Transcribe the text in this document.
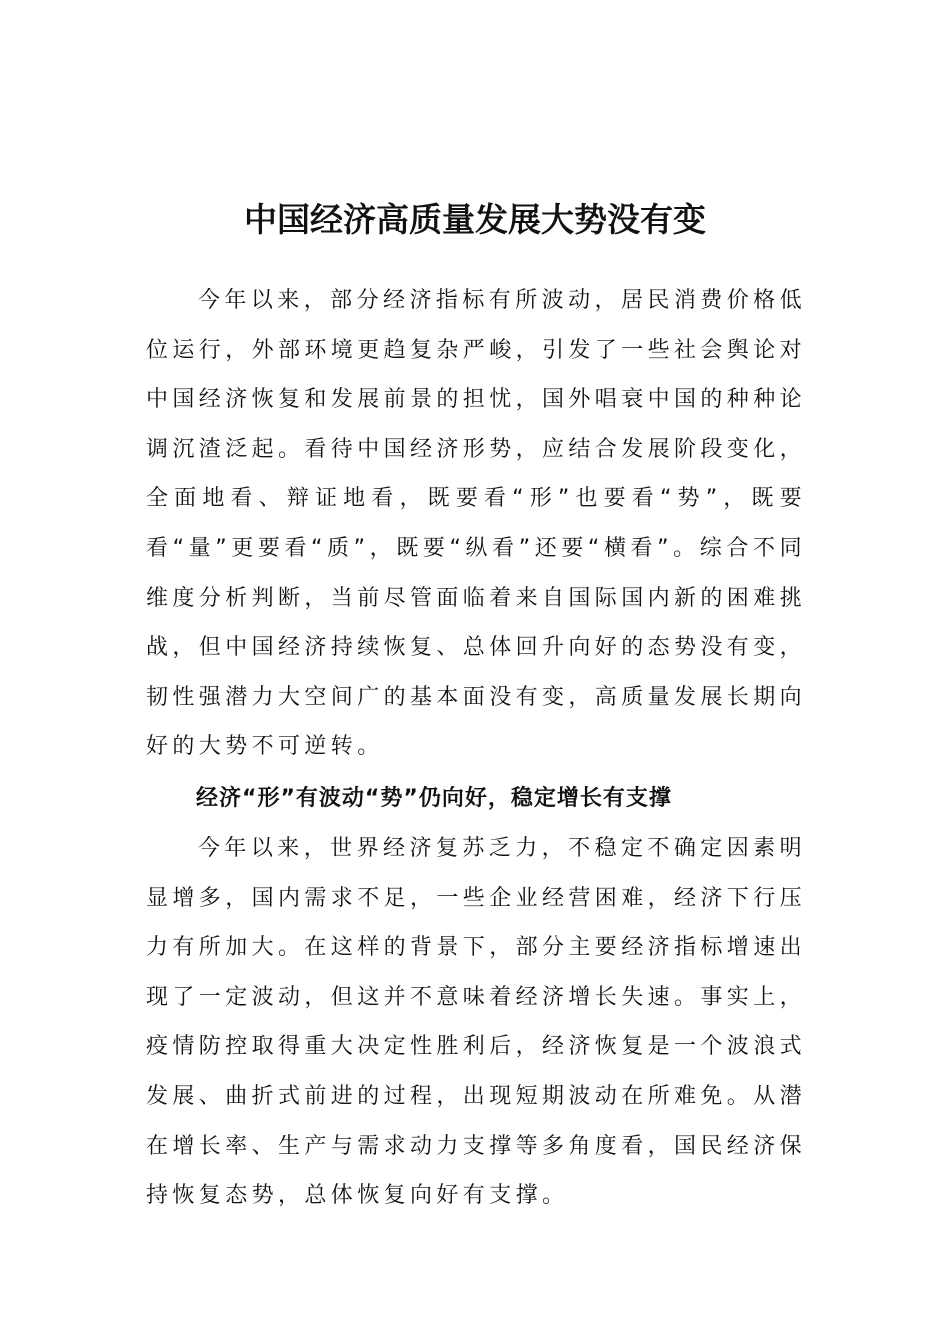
中国经济高质量发展大势没有变

今年以来，部分经济指标有所波动，居民消费价格低位运行，外部环境更趋复杂严峻，引发了一些社会舆论对中国经济恢复和发展前景的担忧，国外唱衰中国的种种论调沉渣泛起。看待中国经济形势，应结合发展阶段变化，全面地看、辩证地看，既要看“形”也要看“势”，既要看“量”更要看“质”，既要“纵看”还要“横看”。综合不同维度分析判断，当前尽管面临着来自国际国内新的困难挑战，但中国经济持续恢复、总体回升向好的态势没有变，韧性强潜力大空间广的基本面没有变，高质量发展长期向好的大势不可逆转。

经济“形”有波动“势”仍向好，稳定增长有支撑

今年以来，世界经济复苏乏力，不稳定不确定因素明显增多，国内需求不足，一些企业经营困难，经济下行压力有所加大。在这样的背景下，部分主要经济指标增速出现了一定波动，但这并不意味着经济增长失速。事实上，疫情防控取得重大决定性胜利后，经济恢复是一个波浪式发展、曲折式前进的过程，出现短期波动在所难免。从潜在增长率、生产与需求动力支撑等多角度看，国民经济保持恢复态势，总体恢复向好有支撑。
